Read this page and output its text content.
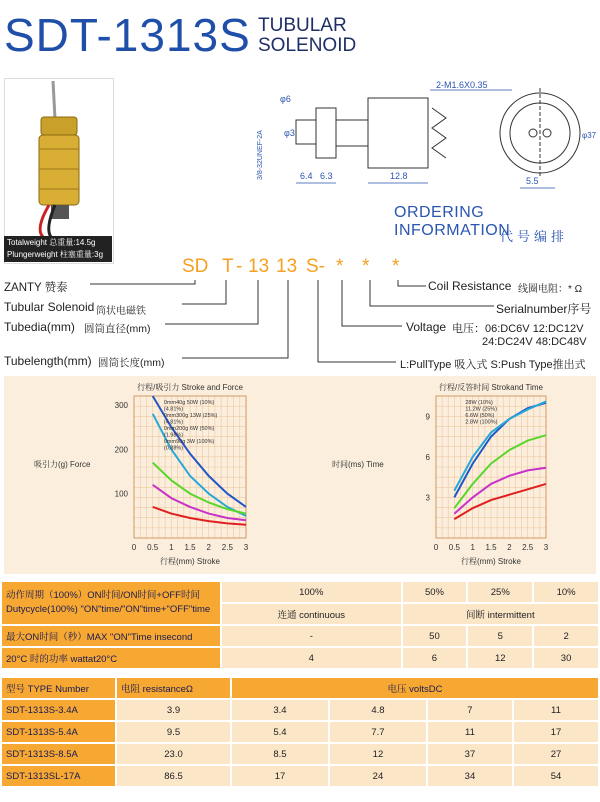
SDT-1313S TUBULAR
SOLENOID
Totalweight 总重量:14.5g
Plungerweight 柱塞重量:3g
6.4 6.3	12.8	5.5
2-M1.6X0.35
φ6
3/8-32UNEF-2A φ3	φ37
ORDERING INFORMATION
代号编排
SD T - 13 13 S- * * *
ZANTY 赞泰	Coil Resistance 线圈电阻：* Ω
Tubular Solenoid 筒状电磁铁	Serialnumber序号
Tubedia(mm) 圆筒直径(mm)	Voltage 电压：06:DC6V 12:DC12V
24:DC24V 48:DC48V
Tubelength(mm) 圆筒长度(mm)	L:PullType 吸入式 S:Push Type推出式
0 0.5 1 1.5 2 2.5 3
100
200
300
行程/吸引力 Stroke and Force
行程(mm) Stroke
吸引力(g) Force
0mm40g 50W (10%)
(4.81%)
0mm300g 13W (25%)
(4.81%)
0mm200g 6W (50%)
(1.98%)
0mm90g 3W (100%)
(0.88%)
0 0.5 1 1.5 2 2.5 3
3
6
9
行程/反答时间 Strokand Time
行程(mm) Stroke
时间(ms) Time
28W (10%)
11.2W (25%)
6.6W (50%)
2.8W (100%)
动作周期（100%）ON时间/ON时间+OFF时间
Dutycycle(100%) "ON"time/"ON"time+"OFF"time	100%	50%	25%	10%
	连通 continuous	间断 intermittent		
最大ON时间（秒）MAX "ON"Time insecond	-	50	5	2
20°C 时的功率 wattat20°C	4	6	12	30
型号 TYPE Number	电阻 resistanceΩ	电压 voltsDC			
SDT-1313S-3.4A	3.9	3.4	4.8	7	11
SDT-1313S-5.4A	9.5	5.4	7.7	11	17
SDT-1313S-8.5A	23.0	8.5	12	37	27
SDT-1313SL-17A	86.5	17	24	34	54
